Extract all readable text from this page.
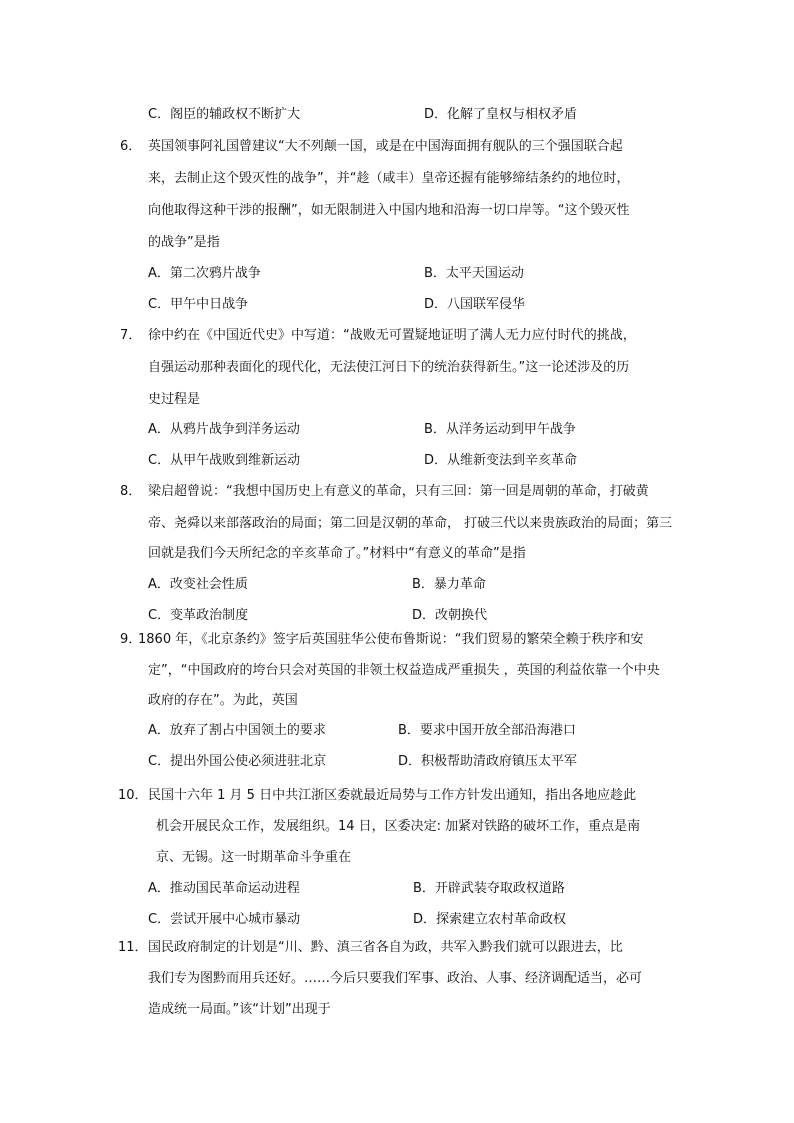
C．阁臣的辅政权不断扩大	D．化解了皇权与相权矛盾
6． 英国领事阿礼国曾建议“大不列颠一国，或是在中国海面拥有舰队的三个强国联合起
来，去制止这个毁灭性的战争”，并“趁（咸丰）皇帝还握有能够缔结条约的地位时，
向他取得这种干涉的报酬”，如无限制进入中国内地和沿海一切口岸等。“这个毁灭性
的战争”是指
A．第二次鸦片战争	B．太平天国运动
C．甲午中日战争	D．八国联军侵华
7． 徐中约在《中国近代史》中写道：“战败无可置疑地证明了满人无力应付时代的挑战，
自强运动那种表面化的现代化，无法使江河日下的统治获得新生。”这一论述涉及的历
史过程是
A．从鸦片战争到洋务运动	B．从洋务运动到甲午战争
C．从甲午战败到维新运动	D．从维新变法到辛亥革命
8． 梁启超曾说：“我想中国历史上有意义的革命，只有三回：第一回是周朝的革命，打破黄
帝、尧舜以来部落政治的局面；第二回是汉朝的革命， 打破三代以来贵族政治的局面；第三
回就是我们今天所纪念的辛亥革命了。”材料中“有意义的革命”是指
A．改变社会性质	B．暴力革命
C．变革政治制度	D．改朝换代
9．
1860 年，《北京条约》签字后英国驻华公使布鲁斯说：“我们贸易的繁荣全赖于秩序和安
定”，“中国政府的垮台只会对英国的非领土权益造成严重损失 ，英国的利益依靠一个中央
政府的存在”。为此，英国
A．放弃了割占中国领土的要求	B．要求中国开放全部沿海港口
C．提出外国公使必须进驻北京	D．积极帮助清政府镇压太平军
10． 民国十六年 1 月 5 日中共江浙区委就最近局势与工作方针发出通知，指出各地应趁此
机会开展民众工作，发展组织。14 日，区委决定: 加紧对铁路的破坏工作，重点是南
京、无锡。这一时期革命斗争重在
A．推动国民革命运动进程	B．开辟武装夺取政权道路
C．尝试开展中心城市暴动	D．探索建立农村革命政权
11． 国民政府制定的计划是“川、黔、滇三省各自为政，共军入黔我们就可以跟进去，比
我们专为图黔而用兵还好。……今后只要我们军事、政治、人事、经济调配适当，必可
造成统一局面。”该“计划”出现于
